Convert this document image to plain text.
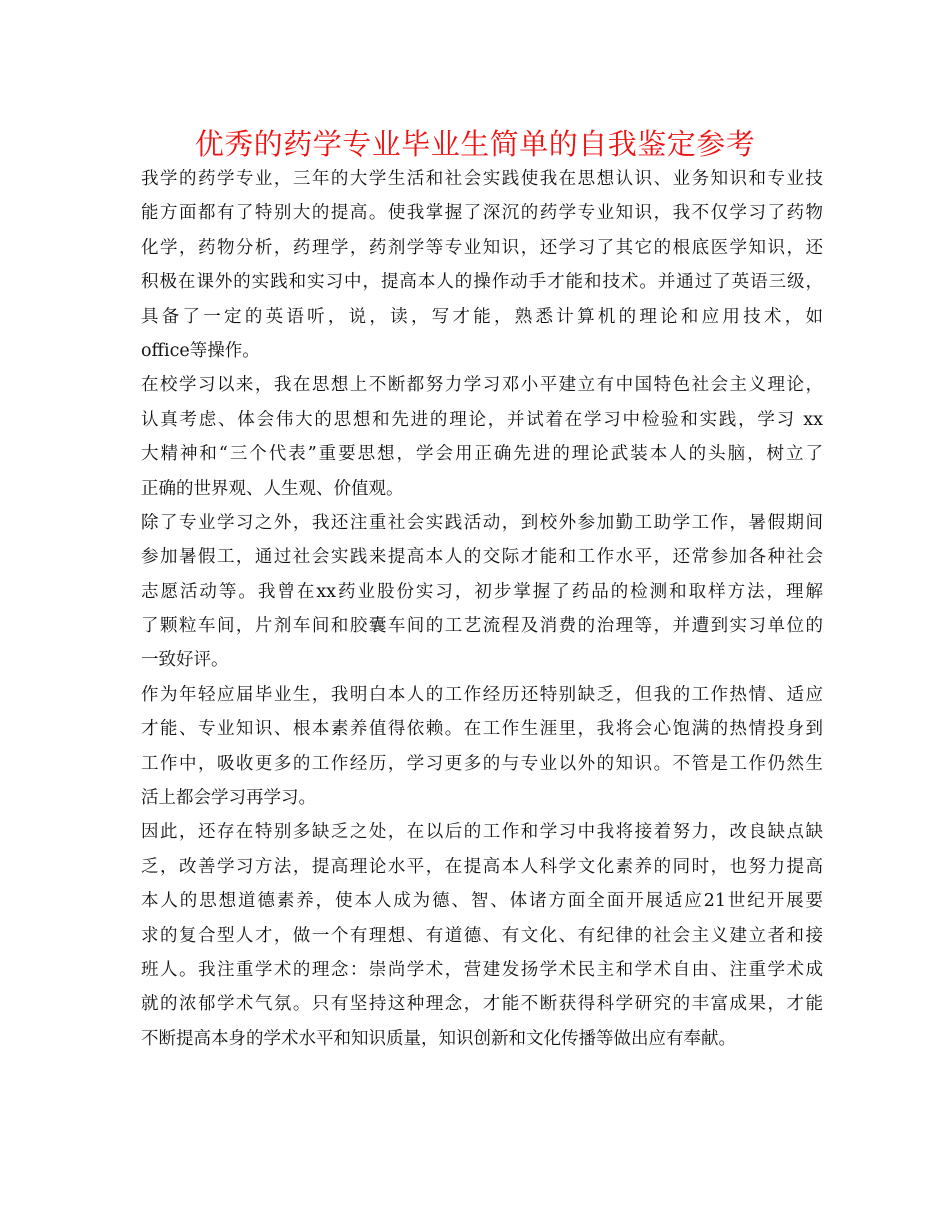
优秀的药学专业毕业生简单的自我鉴定参考
我学的药学专业，三年的大学生活和社会实践使我在思想认识、业务知识和专业技
能方面都有了特别大的提高。使我掌握了深沉的药学专业知识，我不仅学习了药物
化学，药物分析，药理学，药剂学等专业知识，还学习了其它的根底医学知识，还
积极在课外的实践和实习中，提高本人的操作动手才能和技术。并通过了英语三级，
具备了一定的英语听，说，读，写才能，熟悉计算机的理论和应用技术，如
office等操作。
在校学习以来，我在思想上不断都努力学习邓小平建立有中国特色社会主义理论，
认真考虑、体会伟大的思想和先进的理论，并试着在学习中检验和实践，学习 xx
大精神和“三个代表”重要思想，学会用正确先进的理论武装本人的头脑，树立了
正确的世界观、人生观、价值观。
除了专业学习之外，我还注重社会实践活动，到校外参加勤工助学工作，暑假期间
参加暑假工，通过社会实践来提高本人的交际才能和工作水平，还常参加各种社会
志愿活动等。我曾在xx药业股份实习，初步掌握了药品的检测和取样方法，理解
了颗粒车间，片剂车间和胶囊车间的工艺流程及消费的治理等，并遭到实习单位的
一致好评。
作为年轻应届毕业生，我明白本人的工作经历还特别缺乏，但我的工作热情、适应
才能、专业知识、根本素养值得依赖。在工作生涯里，我将会心饱满的热情投身到
工作中，吸收更多的工作经历，学习更多的与专业以外的知识。不管是工作仍然生
活上都会学习再学习。
因此，还存在特别多缺乏之处，在以后的工作和学习中我将接着努力，改良缺点缺
乏，改善学习方法，提高理论水平，在提高本人科学文化素养的同时，也努力提高
本人的思想道德素养，使本人成为德、智、体诸方面全面开展适应21世纪开展要
求的复合型人才，做一个有理想、有道德、有文化、有纪律的社会主义建立者和接
班人。我注重学术的理念：崇尚学术，营建发扬学术民主和学术自由、注重学术成
就的浓郁学术气氛。只有坚持这种理念，才能不断获得科学研究的丰富成果，才能
不断提高本身的学术水平和知识质量，知识创新和文化传播等做出应有奉献。
